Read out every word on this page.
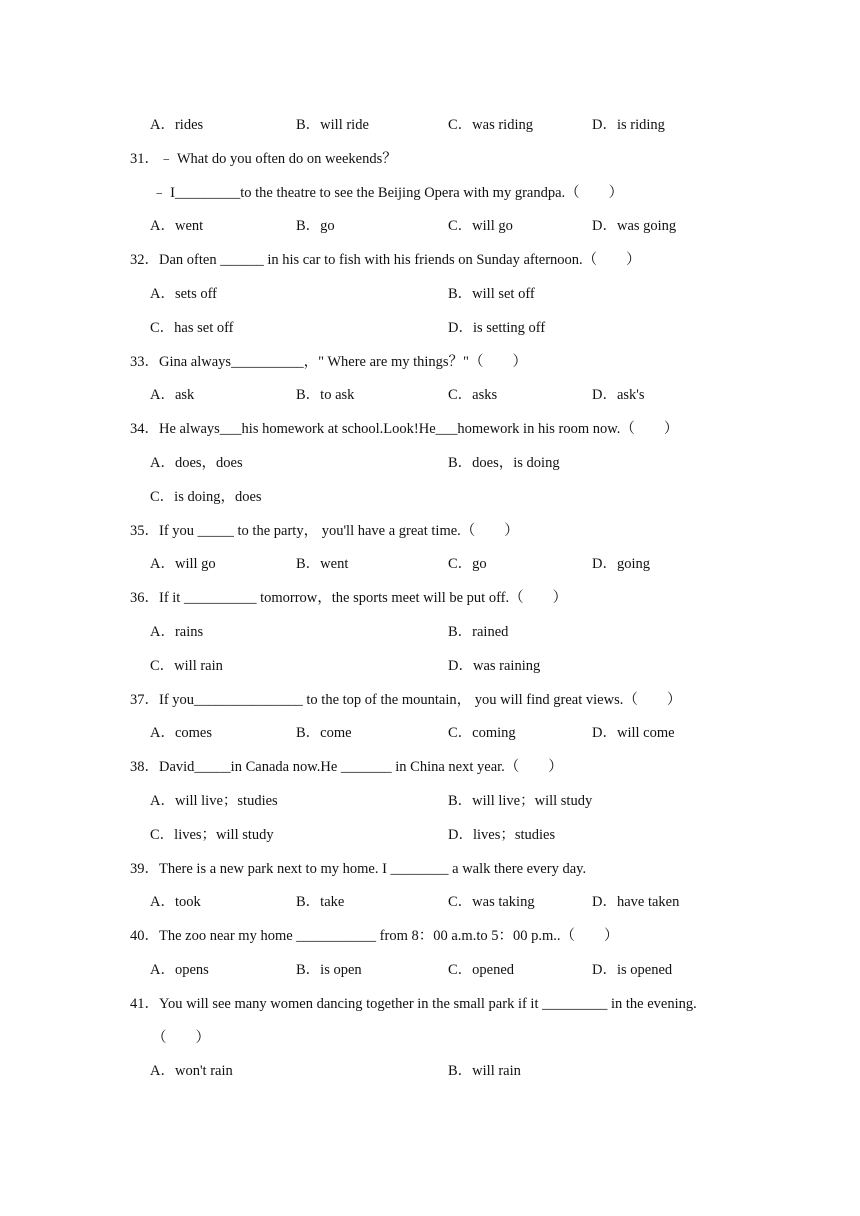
A．rides	B．will ride	C．was riding	D．is riding
31．﹣ What do you often do on weekends？
﹣ I_________to the theatre to see the Beijing Opera with my grandpa.（　　）
A．went	B．go	C．will go	D．was going
32．Dan often ______ in his car to fish with his friends on Sunday afternoon.（　　）
A．sets off	B．will set off
C．has set off	D．is setting off
33．Gina always__________，" Where are my things？"（　　）
A．ask	B．to ask	C．asks	D．ask's
34．He always___his homework at school.Look!He___homework in his room now.（　　）
A．does，does	B．does，is doing
C．is doing，does
35．If you _____ to the party， you'll have a great time.（　　）
A．will go	B．went	C．go	D．going
36．If it __________ tomorrow，the sports meet will be put off.（　　）
A．rains	B．rained
C．will rain	D．was raining
37．If you_______________ to the top of the mountain， you will find great views.（　　）
A．comes	B．come	C．coming	D．will come
38．David_____in Canada now.He _______ in China next year.（　　）
A．will live；studies	B．will live；will study
C．lives；will study	D．lives；studies
39．There is a new park next to my home. I ________ a walk there every day.
A．took	B．take	C．was taking	D．have taken
40．The zoo near my home ___________ from 8：00 a.m.to 5：00 p.m..（　　）
A．opens	B．is open	C．opened	D．is opened
41．You will see many women dancing together in the small park if it _________ in the evening.
（　　）
A．won't rain	B．will rain
